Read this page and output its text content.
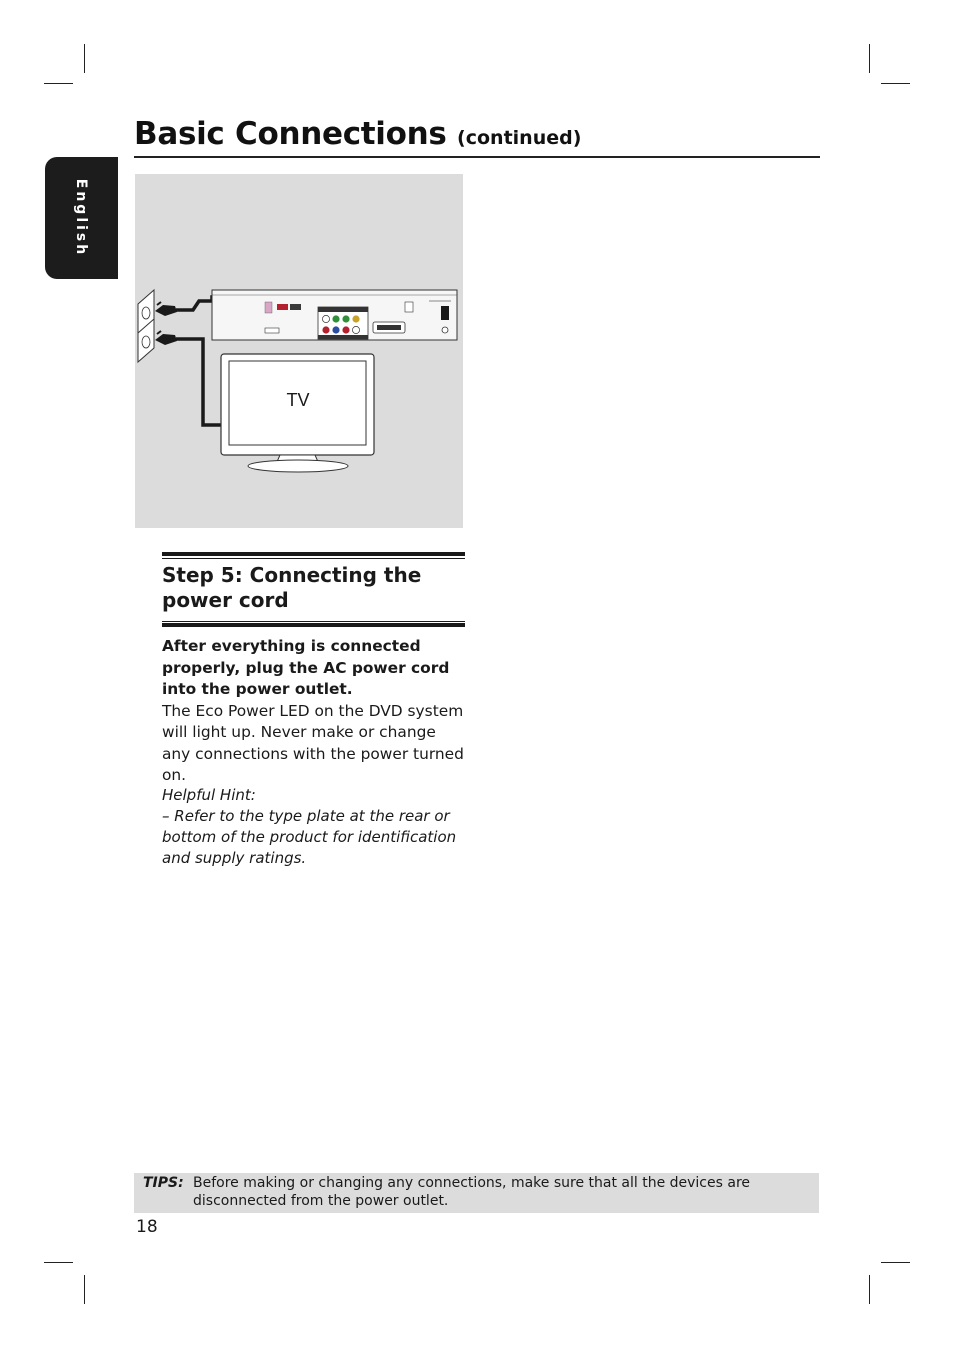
Basic Connections (continued)
English
TV
Step 5: Connecting the power cord

After everything is connected properly, plug the AC power cord into the power outlet.

The Eco Power LED on the DVD system will light up. Never make or change any connections with the power turned on.

Helpful Hint:

– Refer to the type plate at the rear or bottom of the product for identification and supply ratings.

TIPS: Before making or changing any connections, make sure that all the devices are disconnected from the power outlet.
18
